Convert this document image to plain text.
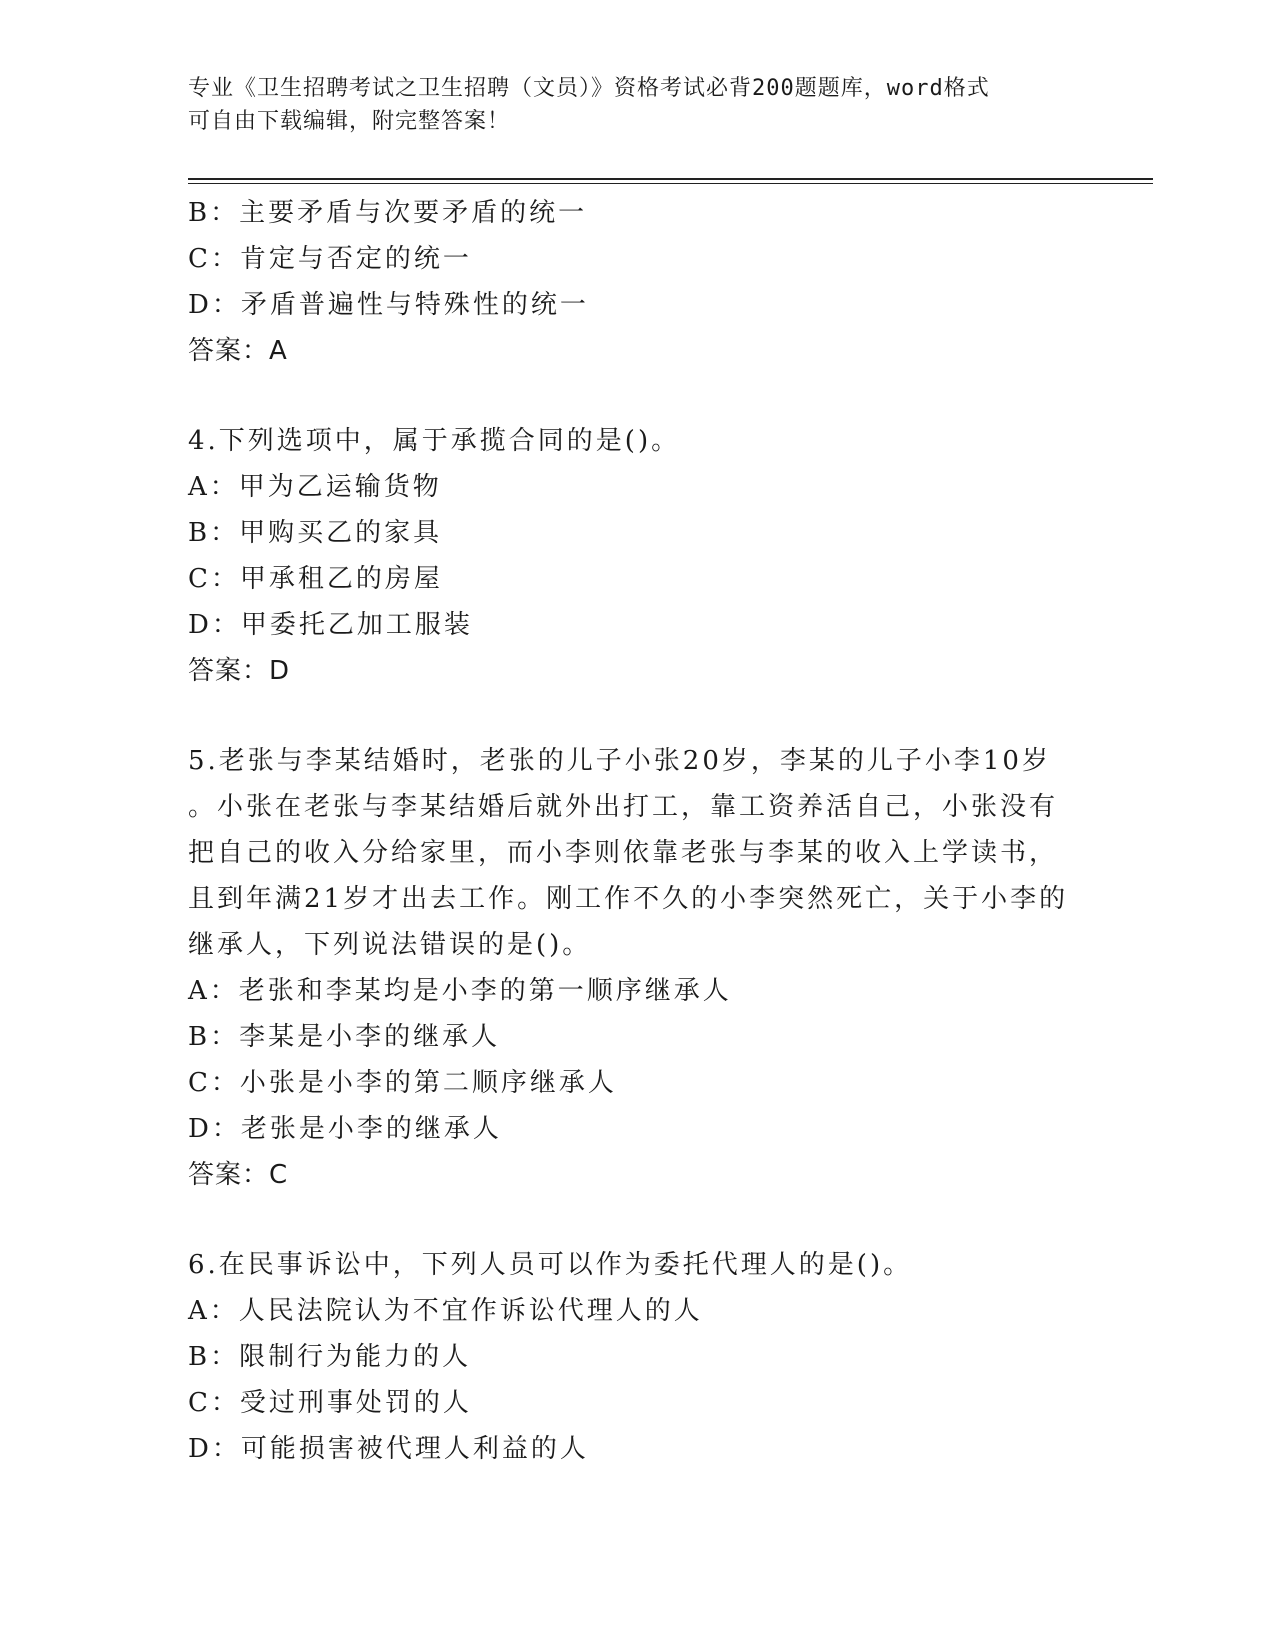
专业《卫生招聘考试之卫生招聘（文员）》资格考试必背200题题库，word格式
可自由下载编辑，附完整答案！
B：主要矛盾与次要矛盾的统一
C：肯定与否定的统一
D：矛盾普遍性与特殊性的统一
答案：A
4.下列选项中，属于承揽合同的是()。
A：甲为乙运输货物
B：甲购买乙的家具
C：甲承租乙的房屋
D：甲委托乙加工服装
答案：D
5.老张与李某结婚时，老张的儿子小张20岁，李某的儿子小李10岁
。小张在老张与李某结婚后就外出打工，靠工资养活自己，小张没有
把自己的收入分给家里，而小李则依靠老张与李某的收入上学读书，
且到年满21岁才出去工作。刚工作不久的小李突然死亡，关于小李的
继承人，下列说法错误的是()。
A：老张和李某均是小李的第一顺序继承人
B：李某是小李的继承人
C：小张是小李的第二顺序继承人
D：老张是小李的继承人
答案：C
6.在民事诉讼中，下列人员可以作为委托代理人的是()。
A：人民法院认为不宜作诉讼代理人的人
B：限制行为能力的人
C：受过刑事处罚的人
D：可能损害被代理人利益的人
